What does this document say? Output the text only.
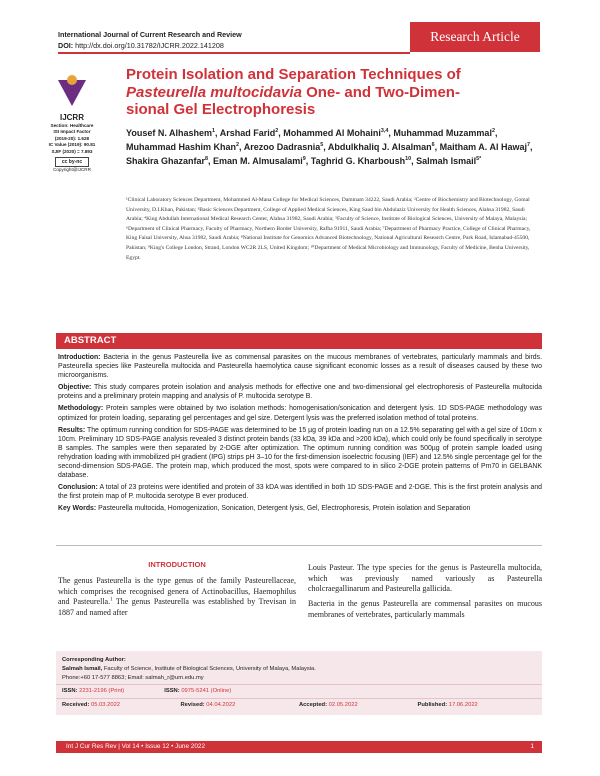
International Journal of Current Research and Review
DOI: http://dx.doi.org/10.31782/IJCRR.2022.141208
Research Article
IJCRR
Section: Healthcare
ISI Impact Factor
(2019-20): 1.628
IC Value (2019): 90.81
SJIF (2020) = 7.893
cc by-nc
Copyright@IJCRR
Protein Isolation and Separation Techniques of
Pasteurella multocidavia One- and Two-Dimen-
sional Gel Electrophoresis
Yousef N. Alhashem$^1$, Arshad Farid$^2$, Mohammed Al Mohaini$^{3,4}$, Muhammad Muzammal$^2$, Muhammad Hashim Khan$^2$, Arezoo Dadrasnia$^5$, Abdulkhaliq J. Alsalman$^6$, Maitham A. Al Hawaj$^7$, Shakira Ghazanfar$^8$, Eman M. Almusalami$^9$, Taghrid G. Kharboush$^{10}$, Salmah Ismail$^{5*}$
¹Clinical Laboratory Sciences Department, Mohammed Al-Mana College for Medical Sciences, Dammam 34222, Saudi Arabia; ²Centre of Biochemistry and Biotechnology, Gomal University, D.I.Khan, Pakistan; ³Basic Sciences Department, College of Applied Medical Sciences, King Saud bin Abdulaziz University for Health Sciences, Alahsa 31982, Saudi Arabia; ⁴King Abdullah International Medical Research Center, Alahsa 31982, Saudi Arabia; ⁵Faculty of Science, Institute of Biological Sciences, University of Malaya, Malaysia; ⁶Department of Clinical Pharmacy, Faculty of Pharmacy, Northern Border University, Rafha 91911, Saudi Arabia; ⁷Department of Pharmacy Practice, College of Clinical Pharmacy, King Faisal University, Ahsa 31982, Saudi Arabia; ⁸National Institute for Genomics Advanced Biotechnology, National Agricultural Research Centre, Park Road, Islamabad-45500, Pakistan; ⁹King's College London, Strand, London WC2R 2LS, United Kingdom; ¹⁰Department of Medical Microbiology and Immunology, Faculty of Medicine, Benha University, Egypt.
ABSTRACT

Introduction: Bacteria in the genus Pasteurella live as commensal parasites on the mucous membranes of vertebrates, particularly mammals and birds. Pasteurella species like Pasteurella multocida and Pasteurella haemolytica cause significant economic losses as a result of diseases caused by these two microorganisms.

Objective: This study compares protein isolation and analysis methods for effective one and two-dimensional gel electrophoresis of Pasteurella multocida proteins and a preliminary protein mapping and analysis of P. multocida serotype B.

Methodology: Protein samples were obtained by two isolation methods: homogenisation/sonication and detergent lysis. 1D SDS-PAGE methodology was optimized for protein loading, separating gel percentages and gel size. Detergent lysis was the preferred isolation method of total proteins.

Results: The optimum running condition for SDS-PAGE was determined to be 15 µg of protein loading run on a 12.5% separating gel with a gel size of 10cm x 10cm. Preliminary 1D SDS-PAGE analysis revealed 3 distinct protein bands (33 kDa, 39 kDa and >200 kDa), which could only be found specifically in serotype B samples. The samples were then separated by 2-DGE after optimization. The optimum running condition was 500µg of protein sample loaded using rehydration loading with immobilized pH gradient (IPG) strips pH 3–10 for the first-dimension isoelectric focusing (IEF) and 12.5% single percentage gel for the second-dimension SDS-PAGE. The protein map, which produced the most, spots were compared to in silico 2-DGE protein patterns of Pm70 in GELBANK database.

Conclusion: A total of 23 proteins were identified and protein of 33 kDA was identified in both 1D SDS-PAGE and 2-DGE. This is the first protein analysis and the first protein map of P. multocida serotype B ever produced.

Key Words: Pasteurella multocida, Homogenization, Sonication, Detergent lysis, Gel, Electrophoresis, Protein isolation and Separation

INTRODUCTION

The genus Pasteurella is the type genus of the family Pasteurellaceae, which comprises the recognised genera of Actinobacillus, Haemophilus and Pasteurella.$^1$ The genus Pasteurella was established by Trevisan in 1887 and named after

Louis Pasteur. The type species for the genus is Pasteurella multocida, which was previously named variously as Pasteurella cholcraegallinarum and Pasteurella gallicida.

Bacteria in the genus Pasteurella are commensal parasites on mucous membranes of vertebrates, particularly mammals

Corresponding Author:
Salmah Ismail, Faculty of Science, Institute of Biological Sciences, University of Malaya, Malaysia.
Phone:+60 17-577 8863; Email: salmah_r@um.edu.my
ISSN: 2231-2196 (Print)	ISSN: 0975-5241 (Online)
Received: 05.03.2022	Revised: 04.04.2022	Accepted: 02.05.2022	Published: 17.06.2022
Int J Cur Res Rev | Vol 14 • Issue 12 • June 2022	1
